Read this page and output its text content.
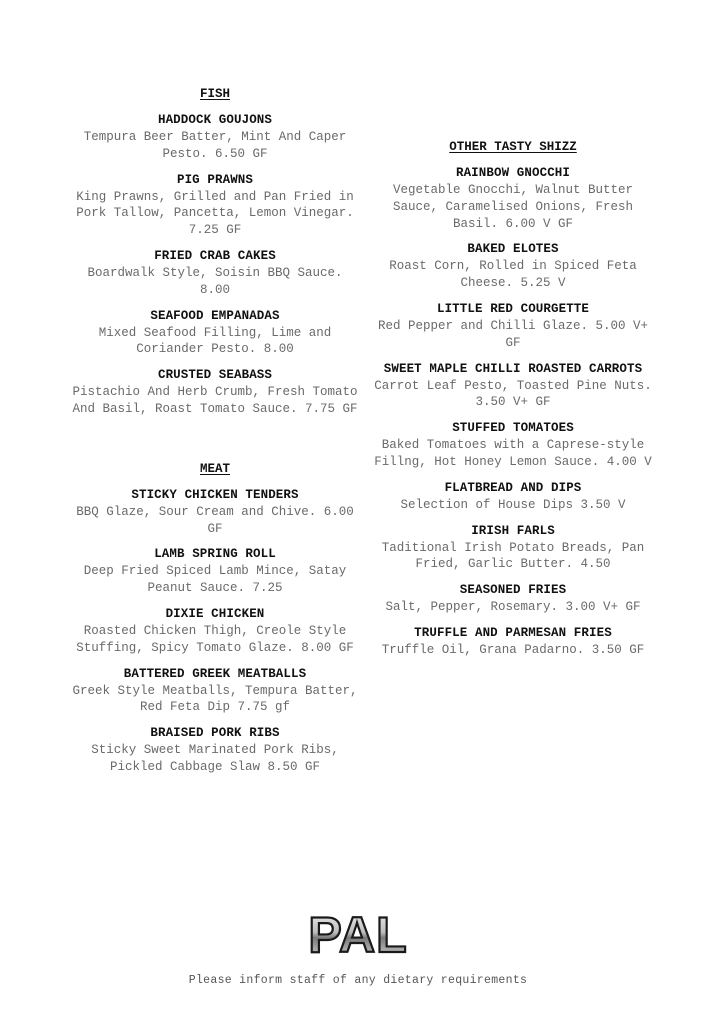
FISH
HADDOCK GOUJONS
Tempura Beer Batter, Mint And Caper Pesto. 6.50 GF
PIG PRAWNS
King Prawns, Grilled and Pan Fried in Pork Tallow, Pancetta, Lemon Vinegar. 7.25 GF
FRIED CRAB CAKES
Boardwalk Style, Soisin BBQ Sauce. 8.00
SEAFOOD EMPANADAS
Mixed Seafood Filling, Lime and Coriander Pesto. 8.00
CRUSTED SEABASS
Pistachio And Herb Crumb, Fresh Tomato And Basil, Roast Tomato Sauce. 7.75 GF
MEAT
STICKY CHICKEN TENDERS
BBQ Glaze, Sour Cream and Chive. 6.00 GF
LAMB SPRING ROLL
Deep Fried Spiced Lamb Mince, Satay Peanut Sauce. 7.25
DIXIE CHICKEN
Roasted Chicken Thigh, Creole Style Stuffing, Spicy Tomato Glaze. 8.00 GF
BATTERED GREEK MEATBALLS
Greek Style Meatballs, Tempura Batter, Red Feta Dip 7.75 gf
BRAISED PORK RIBS
Sticky Sweet Marinated Pork Ribs, Pickled Cabbage Slaw 8.50 GF
OTHER TASTY SHIZZ
RAINBOW GNOCCHI
Vegetable Gnocchi, Walnut Butter Sauce, Caramelised Onions, Fresh Basil. 6.00 V GF
BAKED ELOTES
Roast Corn, Rolled in Spiced Feta Cheese. 5.25 V
LITTLE RED COURGETTE
Red Pepper and Chilli Glaze. 5.00 V+ GF
SWEET MAPLE CHILLI ROASTED CARROTS
Carrot Leaf Pesto, Toasted Pine Nuts. 3.50 V+ GF
STUFFED TOMATOES
Baked Tomatoes with a Caprese-style Fillng, Hot Honey Lemon Sauce. 4.00 V
FLATBREAD AND DIPS
Selection of House Dips 3.50 V
IRISH FARLS
Taditional Irish Potato Breads, Pan Fried, Garlic Butter. 4.50
SEASONED FRIES
Salt, Pepper, Rosemary. 3.00 V+ GF
TRUFFLE AND PARMESAN FRIES
Truffle Oil, Grana Padarno. 3.50 GF
PAL
Please inform staff of any dietary requirements
